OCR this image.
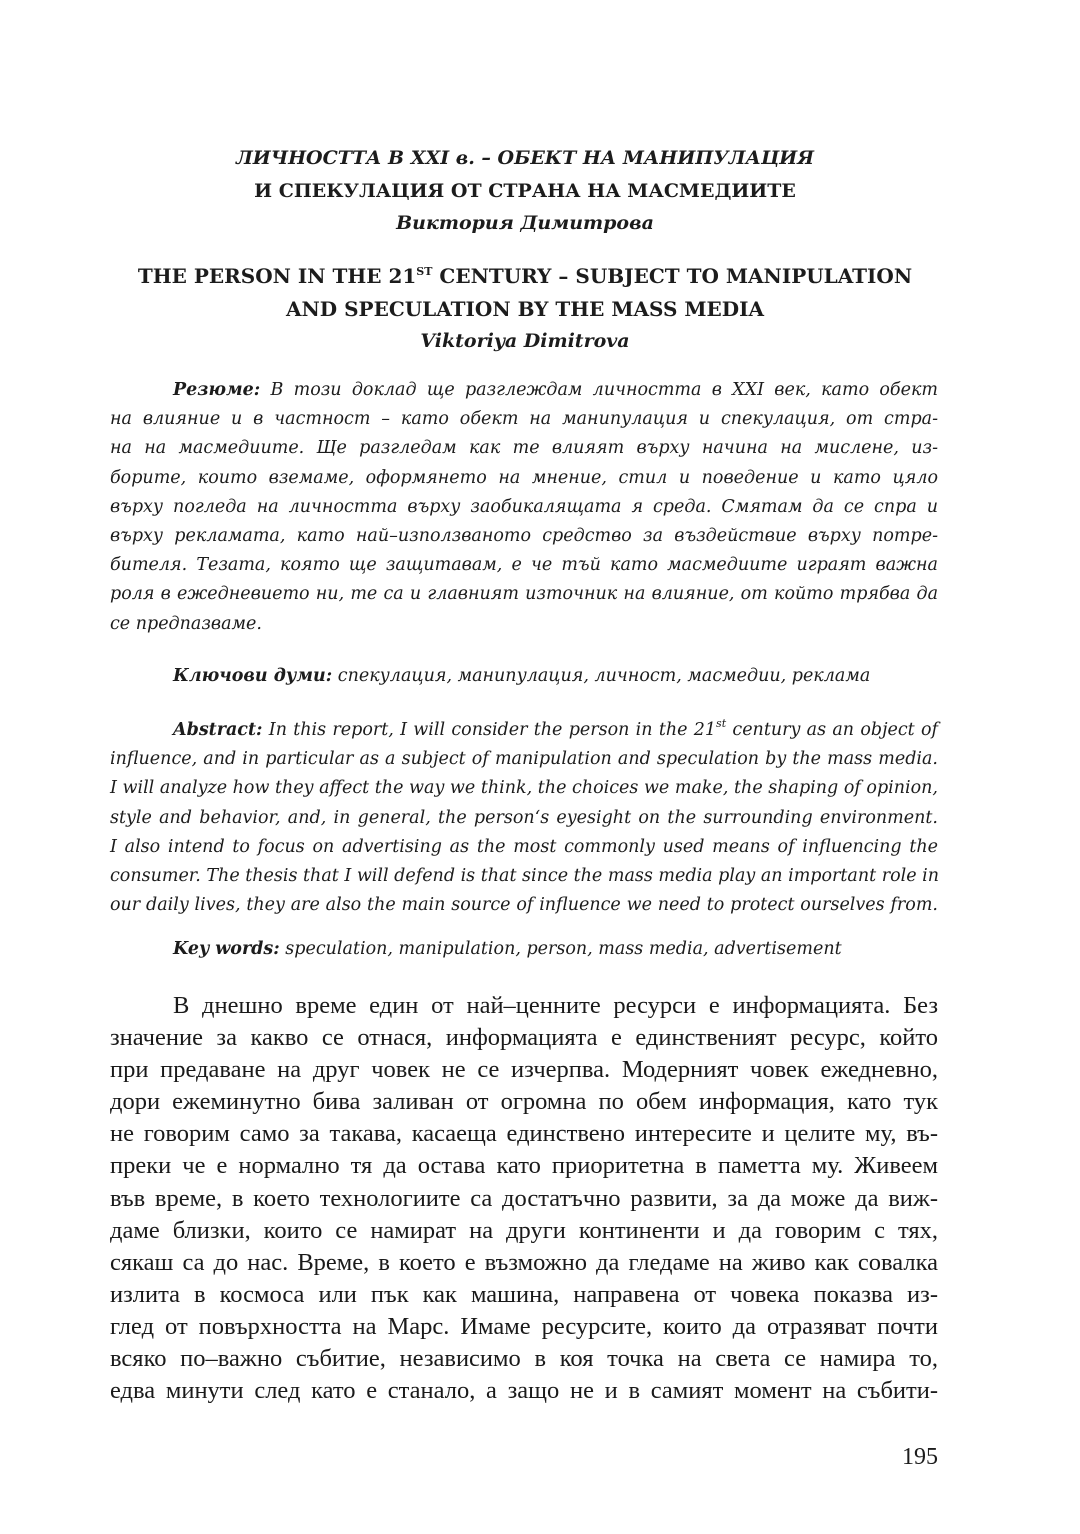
ЛИЧНОСТТА В XXI в. – ОБЕКТ НА МАНИПУЛАЦИЯ
И СПЕКУЛАЦИЯ ОТ СТРАНА НА МАСМЕДИИТЕ
Виктория Димитрова
THE PERSON IN THE 21ST CENTURY – SUBJECT TO MANIPULATION
AND SPECULATION BY THE MASS MEDIA
Viktoriya Dimitrova
Резюме: В този доклад ще разглеждам личността в XXI век, като обект
на влияние и в частност – като обект на манипулация и спекулация, от стра-
на на масмедиите. Ще разгледам как те влияят върху начина на мислене, из-
борите, които вземаме, оформянето на мнение, стил и поведение и като цяло
върху погледа на личността върху заобикалящата я среда. Смятам да се спра и
върху рекламата, като най–използваното средство за въздействие върху потре-
бителя. Тезата, която ще защитавам, е че тъй като масмедиите играят важна
роля в ежедневието ни, те са и главният източник на влияние, от който трябва да
се предпазваме.
Ключови думи: спекулация, манипулация, личност, масмедии, реклама
Abstract: In this report, I will consider the person in the 21st century as an object of
influence, and in particular as a subject of manipulation and speculation by the mass media.
I will analyze how they affect the way we think, the choices we make, the shaping of opinion,
style and behavior, and, in general, the person‘s eyesight on the surrounding environment.
I also intend to focus on advertising as the most commonly used means of influencing the
consumer. The thesis that I will defend is that since the mass media play an important role in
our daily lives, they are also the main source of influence we need to protect ourselves from.
Key words: speculation, manipulation, person, mass media, advertisement
В днешно време един от най–ценните ресурси е информацията. Без
значение за какво се отнася, информацията е единственият ресурс, който
при предаване на друг човек не се изчерпва. Модерният човек ежедневно,
дори ежеминутно бива заливан от огромна по обем информация, като тук
не говорим само за такава, касаеща единствено интересите и целите му, въ-
преки че е нормално тя да остава като приоритетна в паметта му. Живеем
във време, в което технологиите са достатъчно развити, за да може да виж-
даме близки, които се намират на други континенти и да говорим с тях,
сякаш са до нас. Време, в което е възможно да гледаме на живо как совалка
излита в космоса или пък как машина, направена от човека показва из-
глед от повърхността на Марс. Имаме ресурсите, които да отразяват почти
всяко по–важно събитие, независимо в коя точка на света се намира то,
едва минути след като е станало, а защо не и в самият момент на събити-
195
